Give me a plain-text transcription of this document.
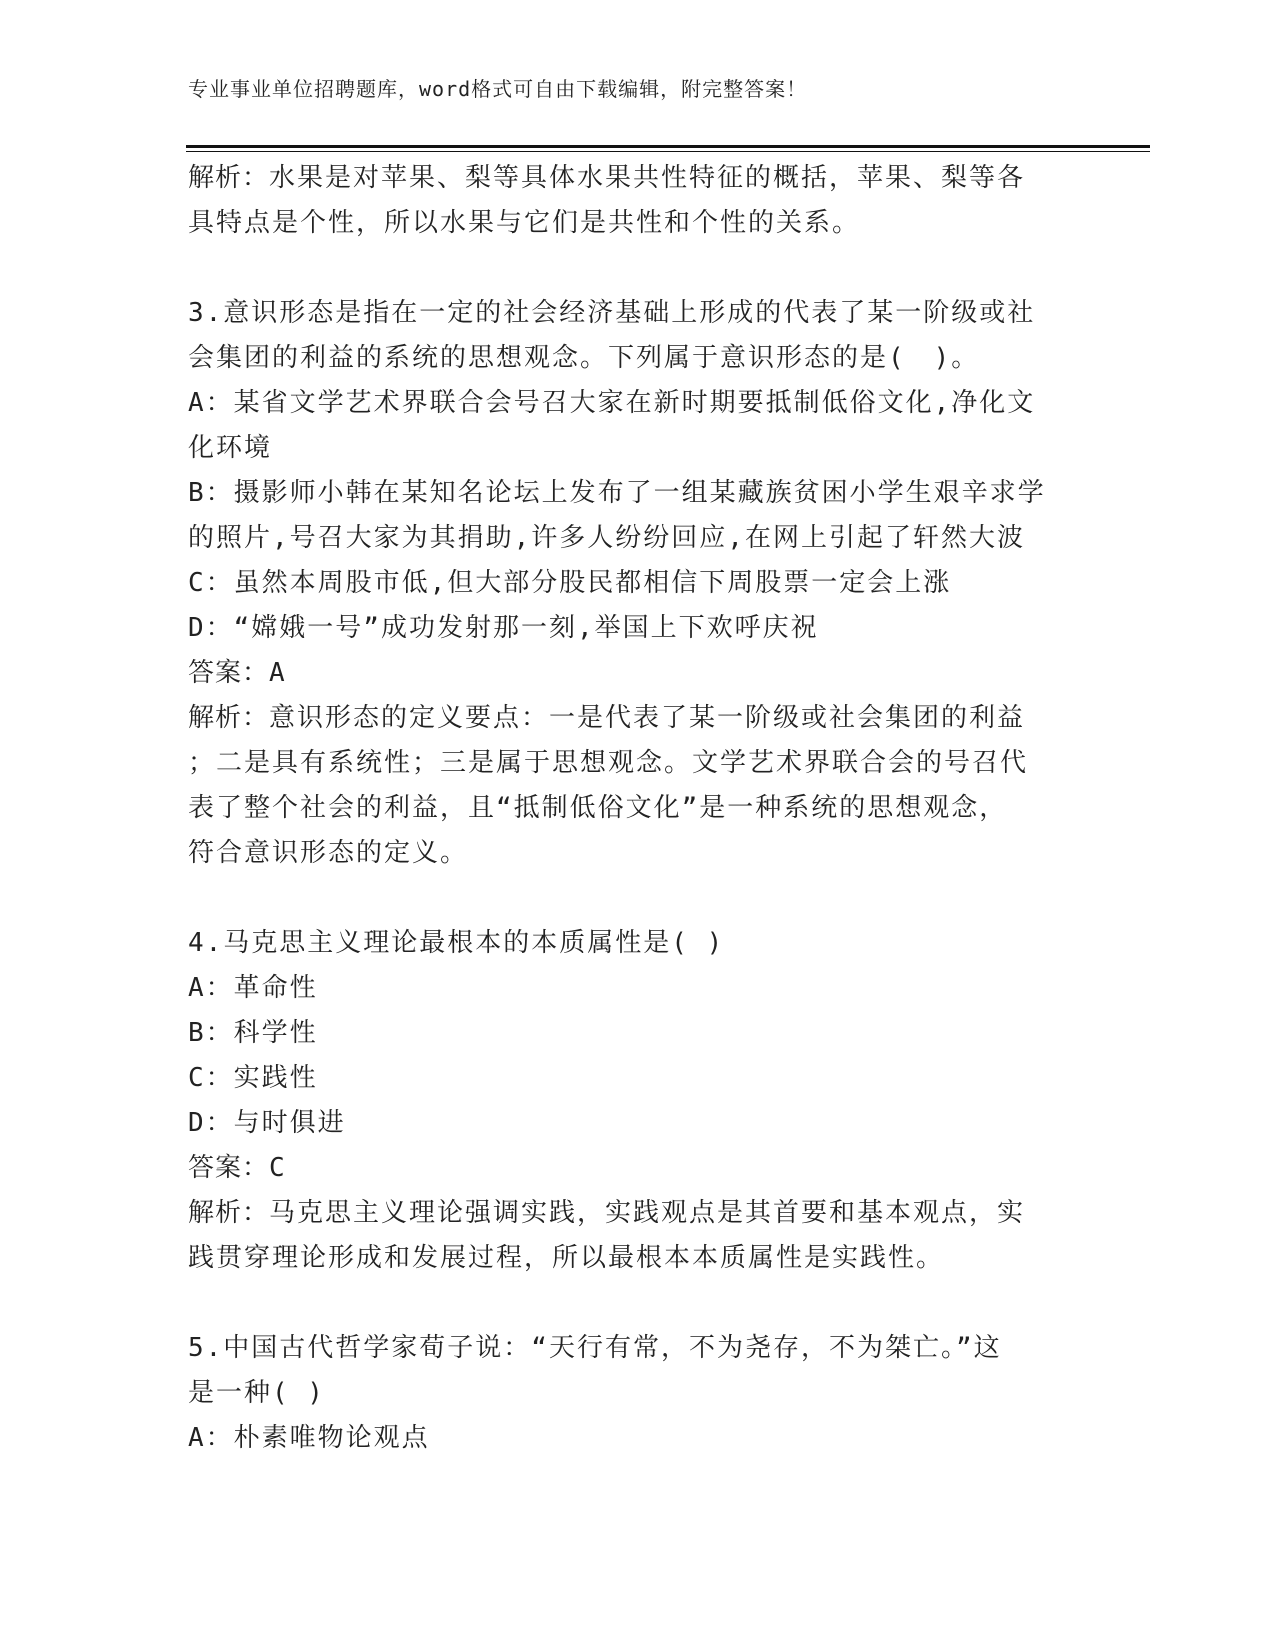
专业事业单位招聘题库，word格式可自由下载编辑，附完整答案！
解析：水果是对苹果、梨等具体水果共性特征的概括，苹果、梨等各
具特点是个性，所以水果与它们是共性和个性的关系。
3.意识形态是指在一定的社会经济基础上形成的代表了某一阶级或社
会集团的利益的系统的思想观念。下列属于意识形态的是(　)。
A：某省文学艺术界联合会号召大家在新时期要抵制低俗文化,净化文
化环境
B：摄影师小韩在某知名论坛上发布了一组某藏族贫困小学生艰辛求学
的照片,号召大家为其捐助,许多人纷纷回应,在网上引起了轩然大波
C：虽然本周股市低,但大部分股民都相信下周股票一定会上涨
D：“嫦娥一号”成功发射那一刻,举国上下欢呼庆祝
答案：A
解析：意识形态的定义要点：一是代表了某一阶级或社会集团的利益
；二是具有系统性；三是属于思想观念。文学艺术界联合会的号召代
表了整个社会的利益，且“抵制低俗文化”是一种系统的思想观念，
符合意识形态的定义。
4.马克思主义理论最根本的本质属性是( )
A：革命性
B：科学性
C：实践性
D：与时俱进
答案：C
解析：马克思主义理论强调实践，实践观点是其首要和基本观点，实
践贯穿理论形成和发展过程，所以最根本本质属性是实践性。
5.中国古代哲学家荀子说：“天行有常，不为尧存，不为桀亡。”这
是一种( )
A：朴素唯物论观点
